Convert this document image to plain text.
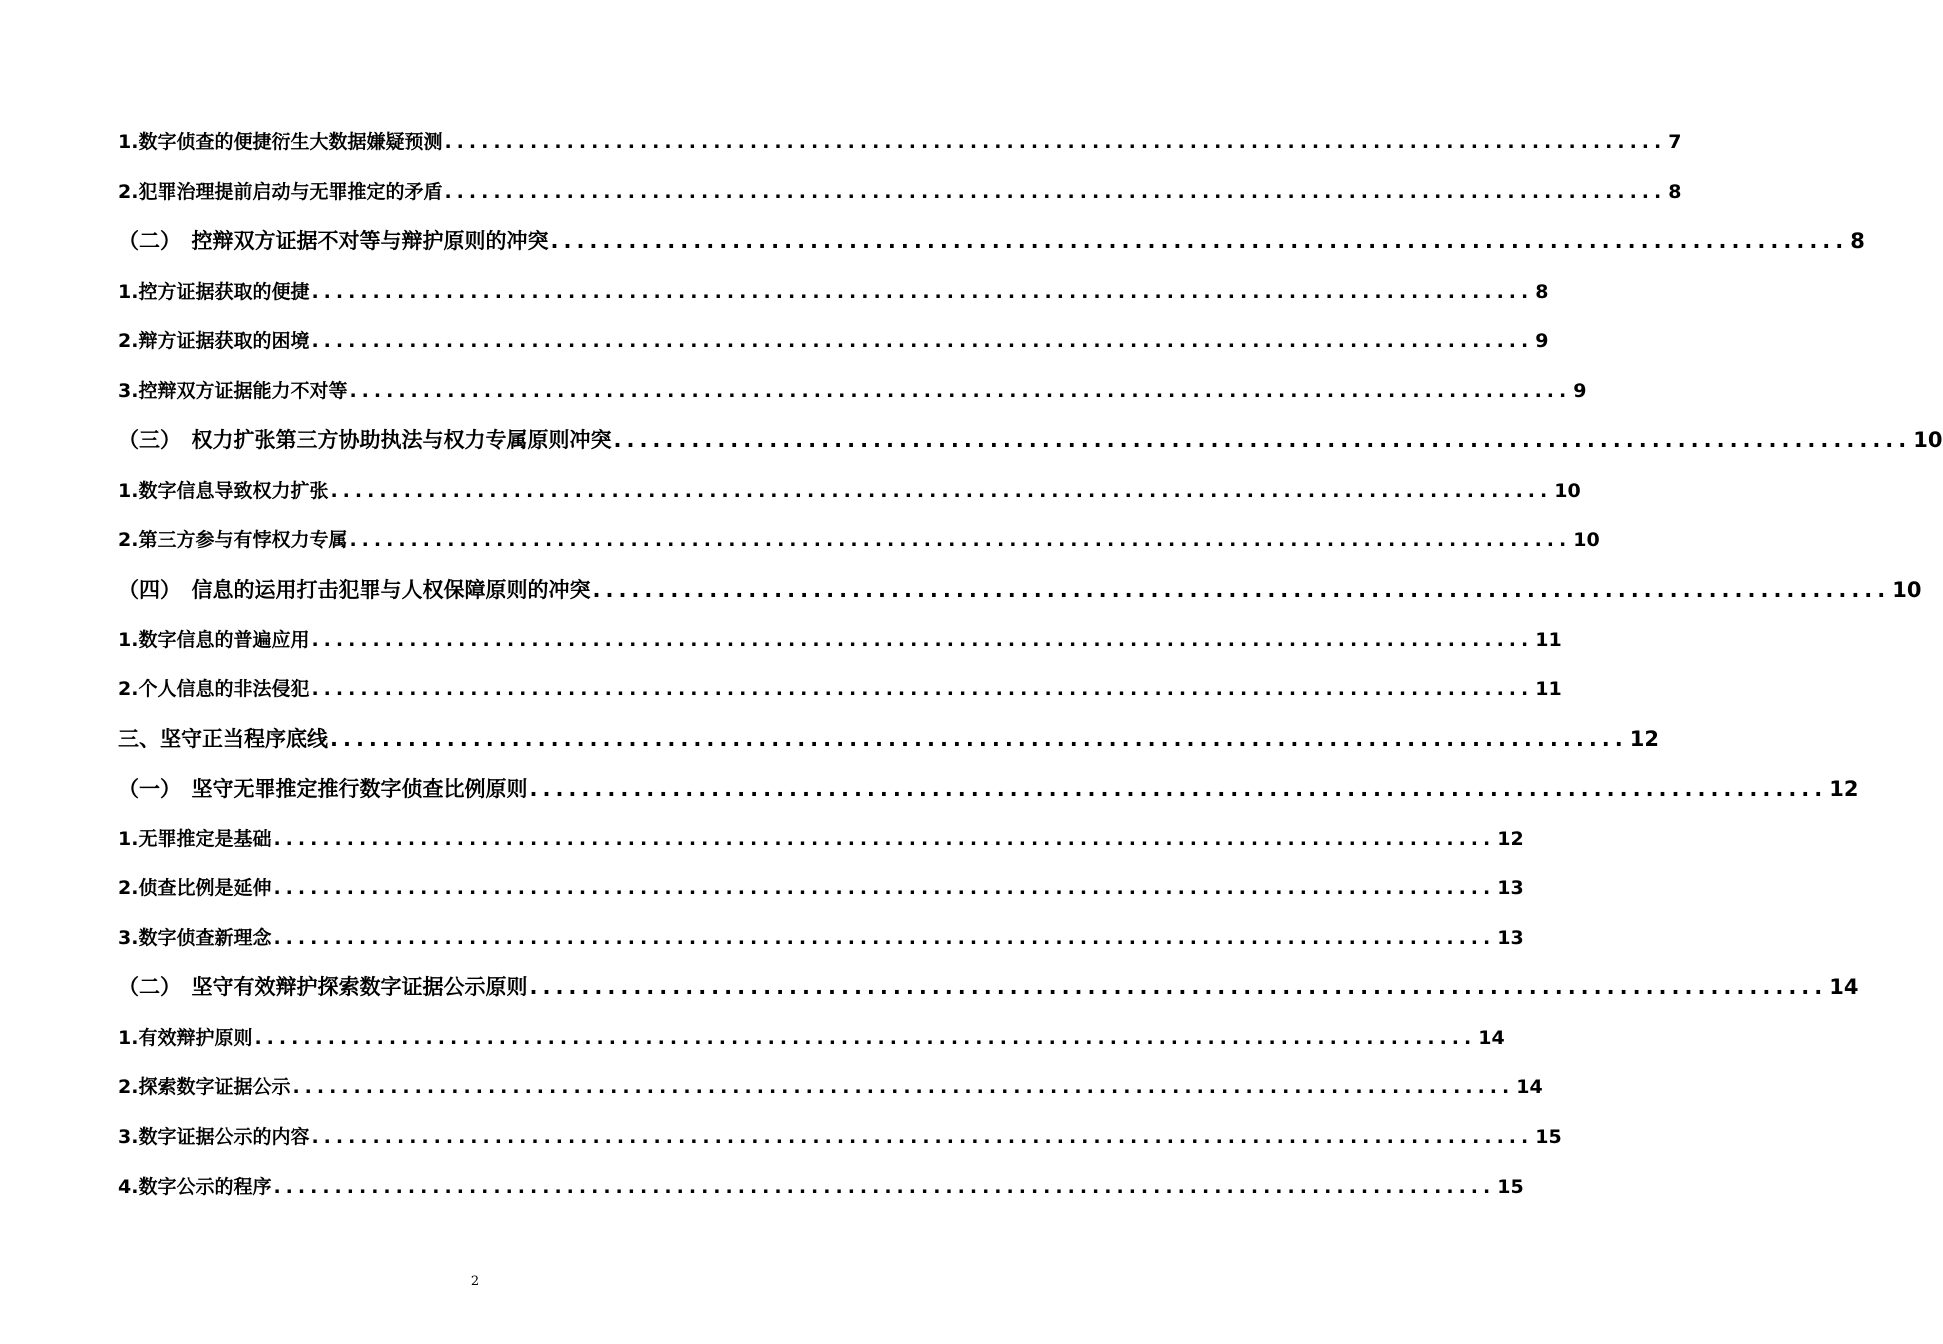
1.数字侦查的便捷衍生大数据嫌疑预测 .................................................................................................... 7
2.犯罪治理提前启动与无罪推定的矛盾 .................................................................................................... 8
（二）　控辩双方证据不对等与辩护原则的冲突 .................................................................................................... 8
1.控方证据获取的便捷 .................................................................................................... 8
2.辩方证据获取的困境 .................................................................................................... 9
3.控辩双方证据能力不对等 .................................................................................................... 9
（三）　权力扩张第三方协助执法与权力专属原则冲突 .................................................................................................... 10
1.数字信息导致权力扩张 .................................................................................................... 10
2.第三方参与有悖权力专属 .................................................................................................... 10
（四）　信息的运用打击犯罪与人权保障原则的冲突 .................................................................................................... 10
1.数字信息的普遍应用 .................................................................................................... 11
2.个人信息的非法侵犯 .................................................................................................... 11
三、坚守正当程序底线 .................................................................................................... 12
（一）　坚守无罪推定推行数字侦查比例原则 .................................................................................................... 12
1.无罪推定是基础 .................................................................................................... 12
2.侦查比例是延伸 .................................................................................................... 13
3.数字侦查新理念 .................................................................................................... 13
（二）　坚守有效辩护探索数字证据公示原则 .................................................................................................... 14
1.有效辩护原则 .................................................................................................... 14
2.探索数字证据公示 .................................................................................................... 14
3.数字证据公示的内容 .................................................................................................... 15
4.数字公示的程序 .................................................................................................... 15
2
